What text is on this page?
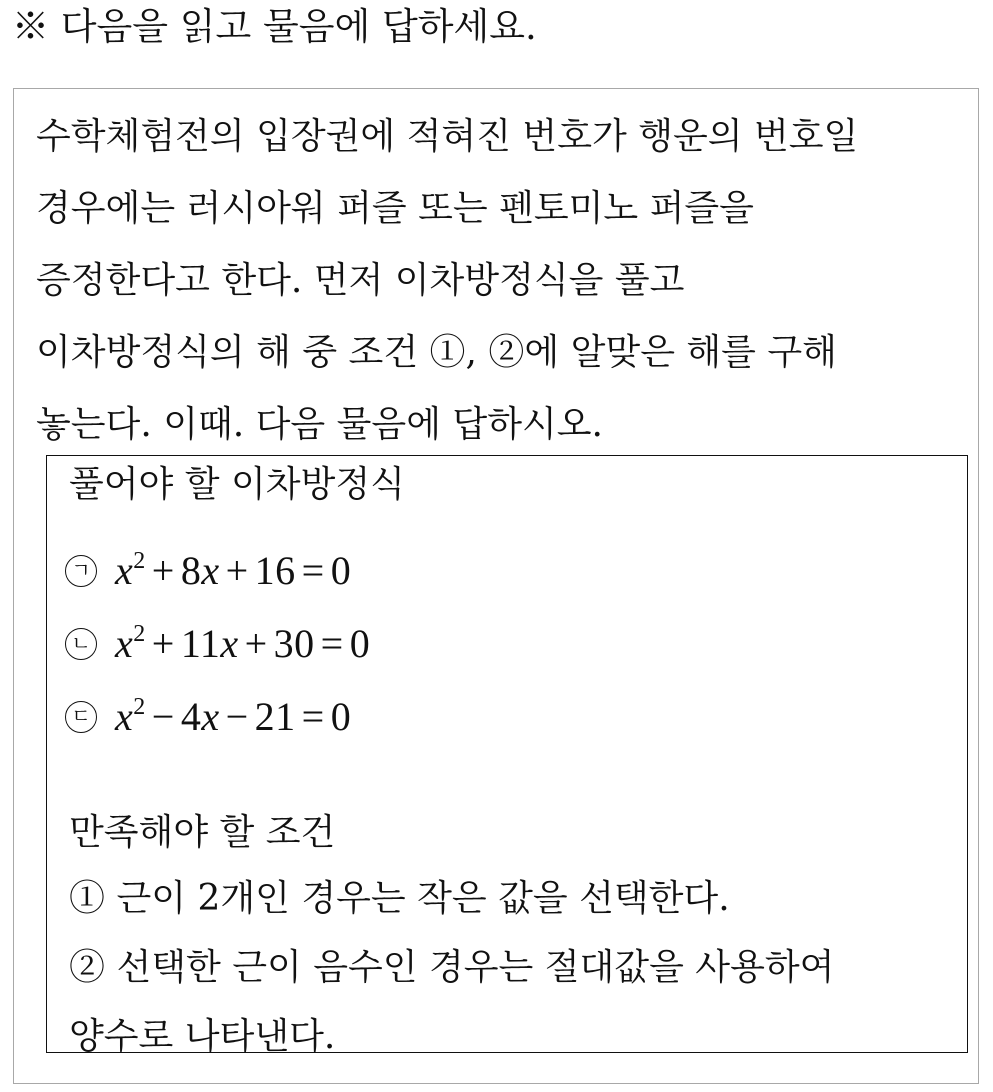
※ 다음을 읽고 물음에 답하세요.
수학체험전의 입장권에 적혀진 번호가 행운의 번호일
경우에는 러시아워 퍼즐 또는 펜토미노 퍼즐을
증정한다고 한다. 먼저 이차방정식을 풀고
이차방정식의 해 중 조건 ①, ②에 알맞은 해를 구해
놓는다. 이때. 다음 물음에 답하시오.
풀어야 할 이차방정식
ㄱ $x^2 + 8x + 16 = 0$
ㄴ $x^2 + 11x + 30 = 0$
ㄷ $x^2 - 4x - 21 = 0$
만족해야 할 조건
① 근이 2개인 경우는 작은 값을 선택한다.
② 선택한 근이 음수인 경우는 절대값을 사용하여
양수로 나타낸다.
